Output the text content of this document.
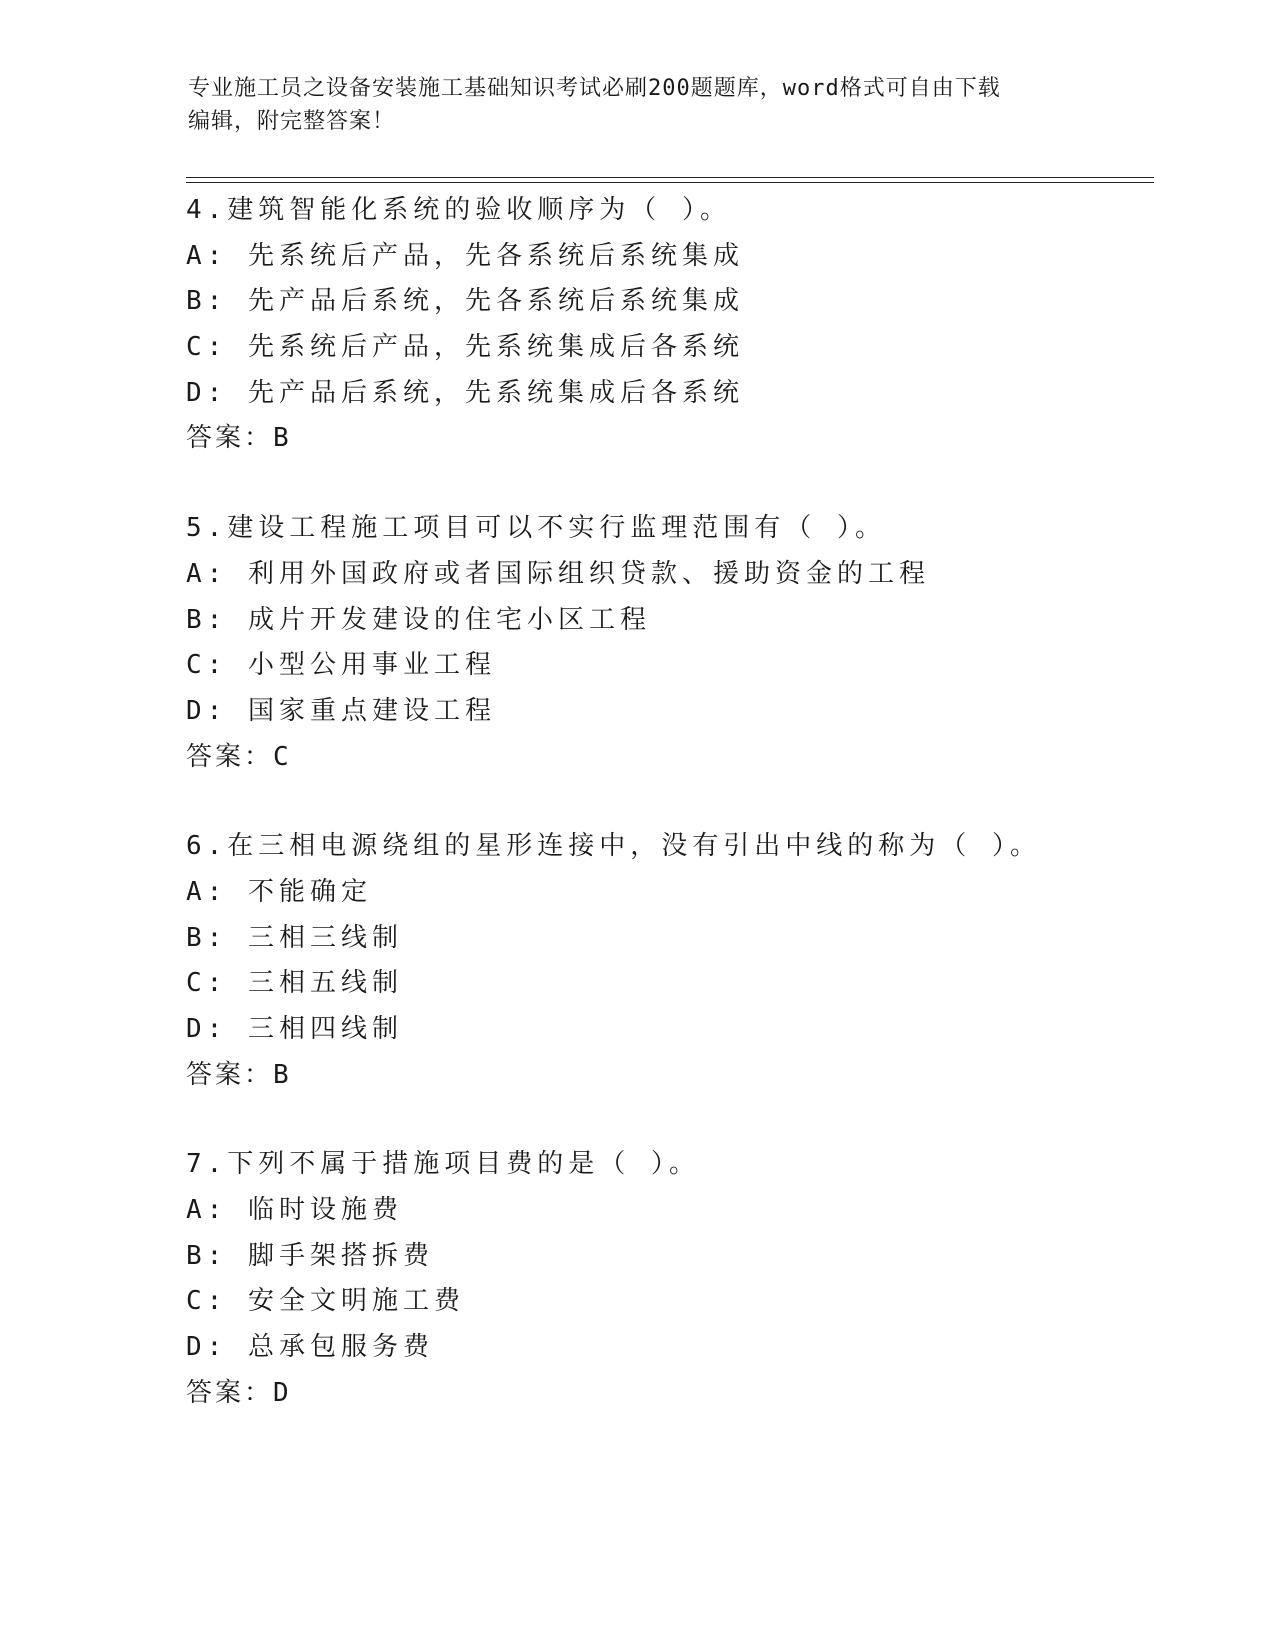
专业施工员之设备安装施工基础知识考试必刷200题题库，word格式可自由下载
编辑，附完整答案！
4.建筑智能化系统的验收顺序为（ ）。
A: 先系统后产品，先各系统后系统集成
B: 先产品后系统，先各系统后系统集成
C: 先系统后产品，先系统集成后各系统
D: 先产品后系统，先系统集成后各系统
答案：B
5.建设工程施工项目可以不实行监理范围有（ ）。
A: 利用外国政府或者国际组织贷款、援助资金的工程
B: 成片开发建设的住宅小区工程
C: 小型公用事业工程
D: 国家重点建设工程
答案：C
6.在三相电源绕组的星形连接中，没有引出中线的称为（ ）。
A: 不能确定
B: 三相三线制
C: 三相五线制
D: 三相四线制
答案：B
7.下列不属于措施项目费的是（ ）。
A: 临时设施费
B: 脚手架搭拆费
C: 安全文明施工费
D: 总承包服务费
答案：D
